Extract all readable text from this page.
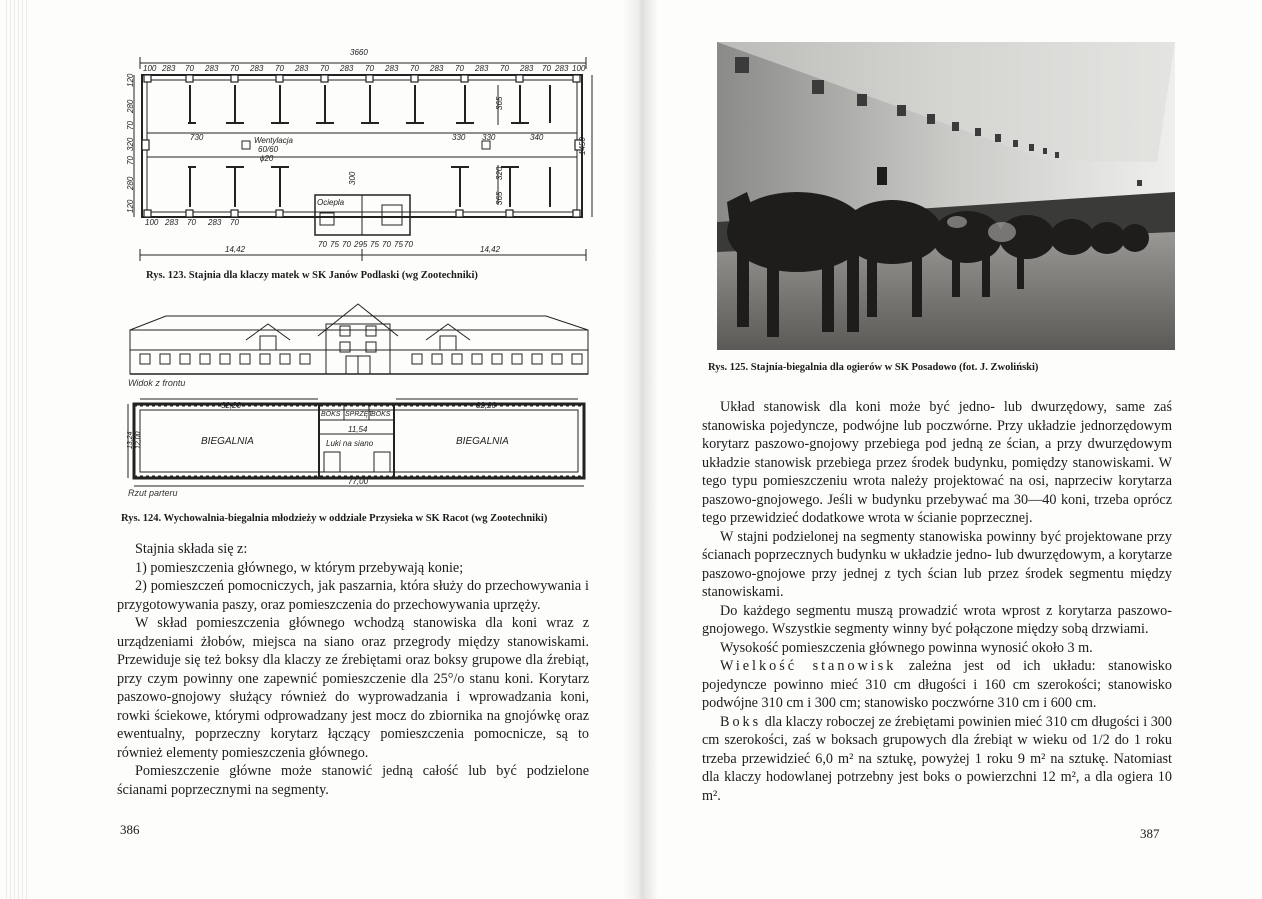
3660
100 283 70 283 70 283 70 283 70 283 70 283 70 283 70 283 70 283 70 283 100
730	Wentylacja
60/60
ϕ20
330 330	340	1450
365
320
365
300
120
280
70
320
70
280
120
100 283 70 283 70
Ociepla
70 75 70 295 75 70 75 70
14,42	14,42
Rys. 123. Stajnia dla klaczy matek w SK Janów Podlaski (wg Zootechniki)
Widok z frontu
BIEGALNIA	BIEGALNIA
BOKS SPRZĘT
BOKS
Luki na siano
32,20	32,20
11,54
77,00
13,24 12,00
Rzut parteru
Rys. 124. Wychowalnia-biegalnia młodzieży w oddziale Przysieka w SK Racot (wg Zootechniki)

Stajnia składa się z:

1) pomieszczenia głównego, w którym przebywają konie;

2) pomieszczeń pomocniczych, jak paszarnia, która służy do przechowywania i przygotowywania paszy, oraz pomieszczenia do przechowywania uprzęży.

W skład pomieszczenia głównego wchodzą stanowiska dla koni wraz z urządzeniami żłobów, miejsca na siano oraz przegrody między stanowiskami. Przewiduje się też boksy dla klaczy ze źrebiętami oraz boksy grupowe dla źrebiąt, przy czym powinny one zapewnić pomieszczenie dla 25°/o stanu koni. Korytarz paszowo-gnojowy służący również do wyprowadzania i wprowadzania koni, rowki ściekowe, którymi odprowadzany jest mocz do zbiornika na gnojówkę oraz ewentualny, poprzeczny korytarz łączący pomieszczenia pomocnicze, są to również elementy pomieszczenia głównego.

Pomieszczenie główne może stanowić jedną całość lub być podzielone ścianami poprzecznymi na segmenty.

386
Rys. 125. Stajnia-biegalnia dla ogierów w SK Posadowo (fot. J. Zwoliński)

Układ stanowisk dla koni może być jedno- lub dwurzędowy, same zaś stanowiska pojedyncze, podwójne lub poczwórne. Przy układzie jednorzędowym korytarz paszowo-gnojowy przebiega pod jedną ze ścian, a przy dwurzędowym układzie stanowisk przebiega przez środek budynku, pomiędzy stanowiskami. W tego typu pomieszczeniu wrota należy projektować na osi, naprzeciw korytarza paszowo-gnojowego. Jeśli w budynku przebywać ma 30—40 koni, trzeba oprócz tego przewidzieć dodatkowe wrota w ścianie poprzecznej.

W stajni podzielonej na segmenty stanowiska powinny być projektowane przy ścianach poprzecznych budynku w układzie jedno- lub dwurzędowym, a korytarze paszowo-gnojowe przy jednej z tych ścian lub przez środek segmentu między stanowiskami.

Do każdego segmentu muszą prowadzić wrota wprost z korytarza paszowo-gnojowego. Wszystkie segmenty winny być połączone między sobą drzwiami.

Wysokość pomieszczenia głównego powinna wynosić około 3 m.

Wielkość stanowisk zależna jest od ich układu: stanowisko pojedyncze powinno mieć 310 cm długości i 160 cm szerokości; stanowisko podwójne 310 cm i 300 cm; stanowisko poczwórne 310 cm i 600 cm.

Boks dla klaczy roboczej ze źrebiętami powinien mieć 310 cm długości i 300 cm szerokości, zaś w boksach grupowych dla źrebiąt w wieku od 1/2 do 1 roku trzeba przewidzieć 6,0 m² na sztukę, powyżej 1 roku 9 m² na sztukę. Natomiast dla klaczy hodowlanej potrzebny jest boks o powierzchni 12 m², a dla ogiera 10 m².

387
